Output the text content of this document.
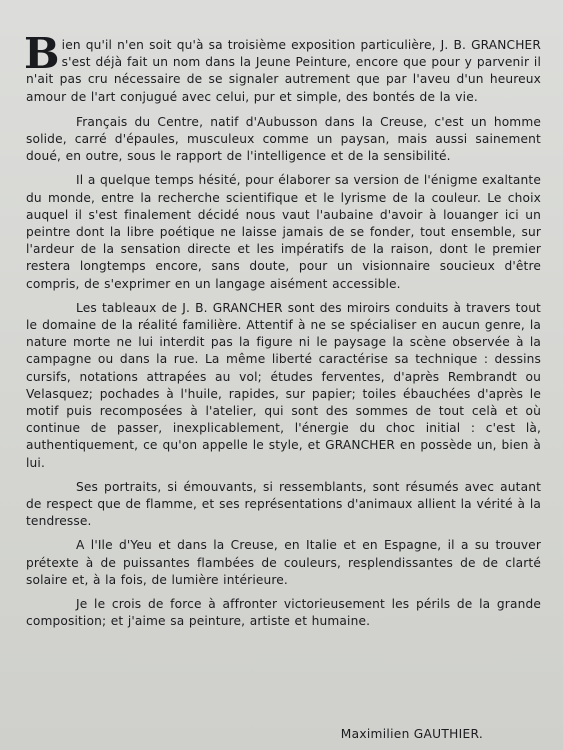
Bien qu'il n'en soit qu'à sa troisième exposition particulière, J. B. GRANCHER s'est déjà fait un nom dans la Jeune Peinture, encore que pour y parvenir il n'ait pas cru nécessaire de se signaler autrement que par l'aveu d'un heureux amour de l'art conjugué avec celui, pur et simple, des bontés de la vie.

Français du Centre, natif d'Aubusson dans la Creuse, c'est un homme solide, carré d'épaules, musculeux comme un paysan, mais aussi sainement doué, en outre, sous le rapport de l'intelligence et de la sensibilité.

Il a quelque temps hésité, pour élaborer sa version de l'énigme exaltante du monde, entre la recherche scientifique et le lyrisme de la couleur. Le choix auquel il s'est finalement décidé nous vaut l'aubaine d'avoir à louanger ici un peintre dont la libre poétique ne laisse jamais de se fonder, tout ensemble, sur l'ardeur de la sensation directe et les impératifs de la raison, dont le premier restera longtemps encore, sans doute, pour un visionnaire soucieux d'être compris, de s'exprimer en un langage aisément accessible.

Les tableaux de J. B. GRANCHER sont des miroirs conduits à travers tout le domaine de la réalité familière. Attentif à ne se spécialiser en aucun genre, la nature morte ne lui interdit pas la figure ni le paysage la scène observée à la campagne ou dans la rue. La même liberté caractérise sa technique : dessins cursifs, notations attrapées au vol; études ferventes, d'après Rembrandt ou Velasquez; pochades à l'huile, rapides, sur papier; toiles ébauchées d'après le motif puis recomposées à l'atelier, qui sont des sommes de tout celà et où continue de passer, inexplicablement, l'énergie du choc initial : c'est là, authentiquement, ce qu'on appelle le style, et GRANCHER en possède un, bien à lui.

Ses portraits, si émouvants, si ressemblants, sont résumés avec autant de respect que de flamme, et ses représentations d'animaux allient la vérité à la tendresse.

A l'Ile d'Yeu et dans la Creuse, en Italie et en Espagne, il a su trouver prétexte à de puissantes flambées de couleurs, resplendissantes de de clarté solaire et, à la fois, de lumière intérieure.

Je le crois de force à affronter victorieusement les périls de la grande composition; et j'aime sa peinture, artiste et humaine.

Maximilien GAUTHIER.
